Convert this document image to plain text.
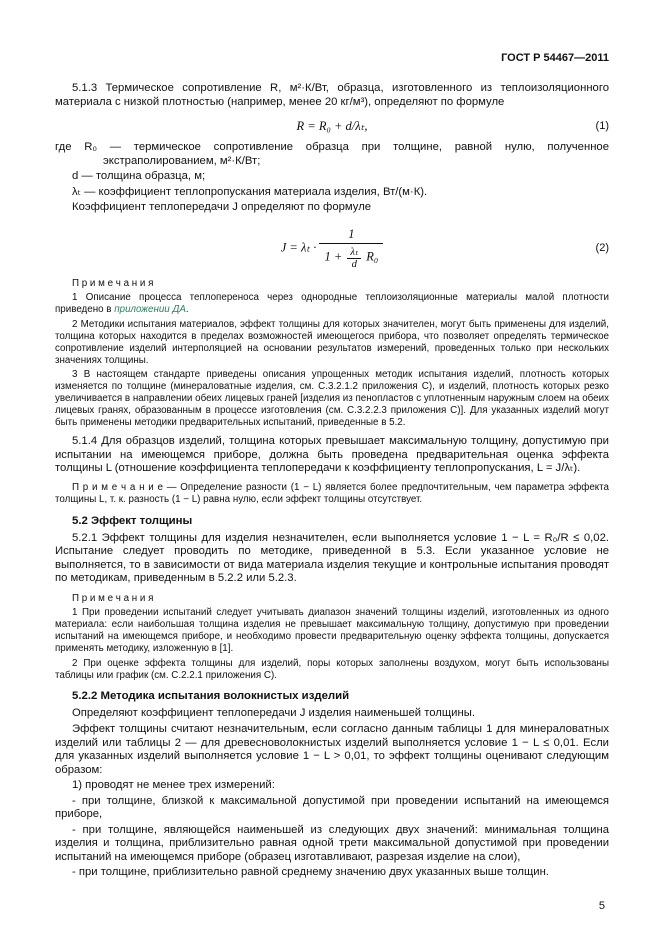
ГОСТ Р 54467—2011

5.1.3 Термическое сопротивление R, м²·К/Вт, образца, изготовленного из теплоизоляционного материала с низкой плотностью (например, менее 20 кг/м³), определяют по формуле

R = R₀ + d/λₜ,	(1)

где R₀ — термическое сопротивление образца при толщине, равной нулю, полученное экстраполированием, м²·К/Вт;

d — толщина образца, м;

λₜ — коэффициент теплопропускания материала изделия, Вт/(м·К).

Коэффициент теплопередачи J определяют по формуле

$J = \lambda_t \cdot \frac{1}{1 + \frac{\text{λₜ}}{d} R_0}$	(2)

П р и м е ч а н и я

1 Описание процесса теплопереноса через однородные теплоизоляционные материалы малой плотности приведено в приложении ДА.

2 Методики испытания материалов, эффект толщины для которых значителен, могут быть применены для изделий, толщина которых находится в пределах возможностей имеющегося прибора, что позволяет определять термическое сопротивление изделий интерполяцией на основании результатов измерений, проведенных только при нескольких значениях толщины.

3 В настоящем стандарте приведены описания упрощенных методик испытания изделий, плотность которых изменяется по толщине (минераловатные изделия, см. С.3.2.1.2 приложения С), и изделий, плотность которых резко увеличивается в направлении обеих лицевых граней [изделия из пенопластов с уплотненным наружным слоем на обеих лицевых гранях, образованным в процессе изготовления (см. С.3.2.2.3 приложения С)]. Для указанных изделий могут быть применены методики предварительных испытаний, приведенные в 5.2.

5.1.4 Для образцов изделий, толщина которых превышает максимальную толщину, допустимую при испытании на имеющемся приборе, должна быть проведена предварительная оценка эффекта толщины L (отношение коэффициента теплопередачи к коэффициенту теплопропускания, L = J/λₜ).

П р и м е ч а н и е — Определение разности (1 − L) является более предпочтительным, чем параметра эффекта толщины L, т. к. разность (1 − L) равна нулю, если эффект толщины отсутствует.

5.2 Эффект толщины

5.2.1 Эффект толщины для изделия незначителен, если выполняется условие 1 − L = R₀/R ≤ 0,02. Испытание следует проводить по методике, приведенной в 5.3. Если указанное условие не выполняется, то в зависимости от вида материала изделия текущие и контрольные испытания проводят по методикам, приведенным в 5.2.2 или 5.2.3.

П р и м е ч а н и я

1 При проведении испытаний следует учитывать диапазон значений толщины изделий, изготовленных из одного материала: если наибольшая толщина изделия не превышает максимальную толщину, допустимую при проведении испытаний на имеющемся приборе, и необходимо провести предварительную оценку эффекта толщины, допускается применять методику, изложенную в [1].

2 При оценке эффекта толщины для изделий, поры которых заполнены воздухом, могут быть использованы таблицы или график (см. С.2.2.1 приложения С).

5.2.2 Методика испытания волокнистых изделий

Определяют коэффициент теплопередачи J изделия наименьшей толщины.

Эффект толщины считают незначительным, если согласно данным таблицы 1 для минераловатных изделий или таблицы 2 — для древесноволокнистых изделий выполняется условие 1 − L ≤ 0,01. Если для указанных изделий выполняется условие 1 − L > 0,01, то эффект толщины оценивают следующим образом:

1) проводят не менее трех измерений:

- при толщине, близкой к максимальной допустимой при проведении испытаний на имеющемся приборе,

- при толщине, являющейся наименьшей из следующих двух значений: минимальная толщина изделия и толщина, приблизительно равная одной трети максимальной допустимой при проведении испытаний на имеющемся приборе (образец изготавливают, разрезая изделие на слои),

- при толщине, приблизительно равной среднему значению двух указанных выше толщин.

5
